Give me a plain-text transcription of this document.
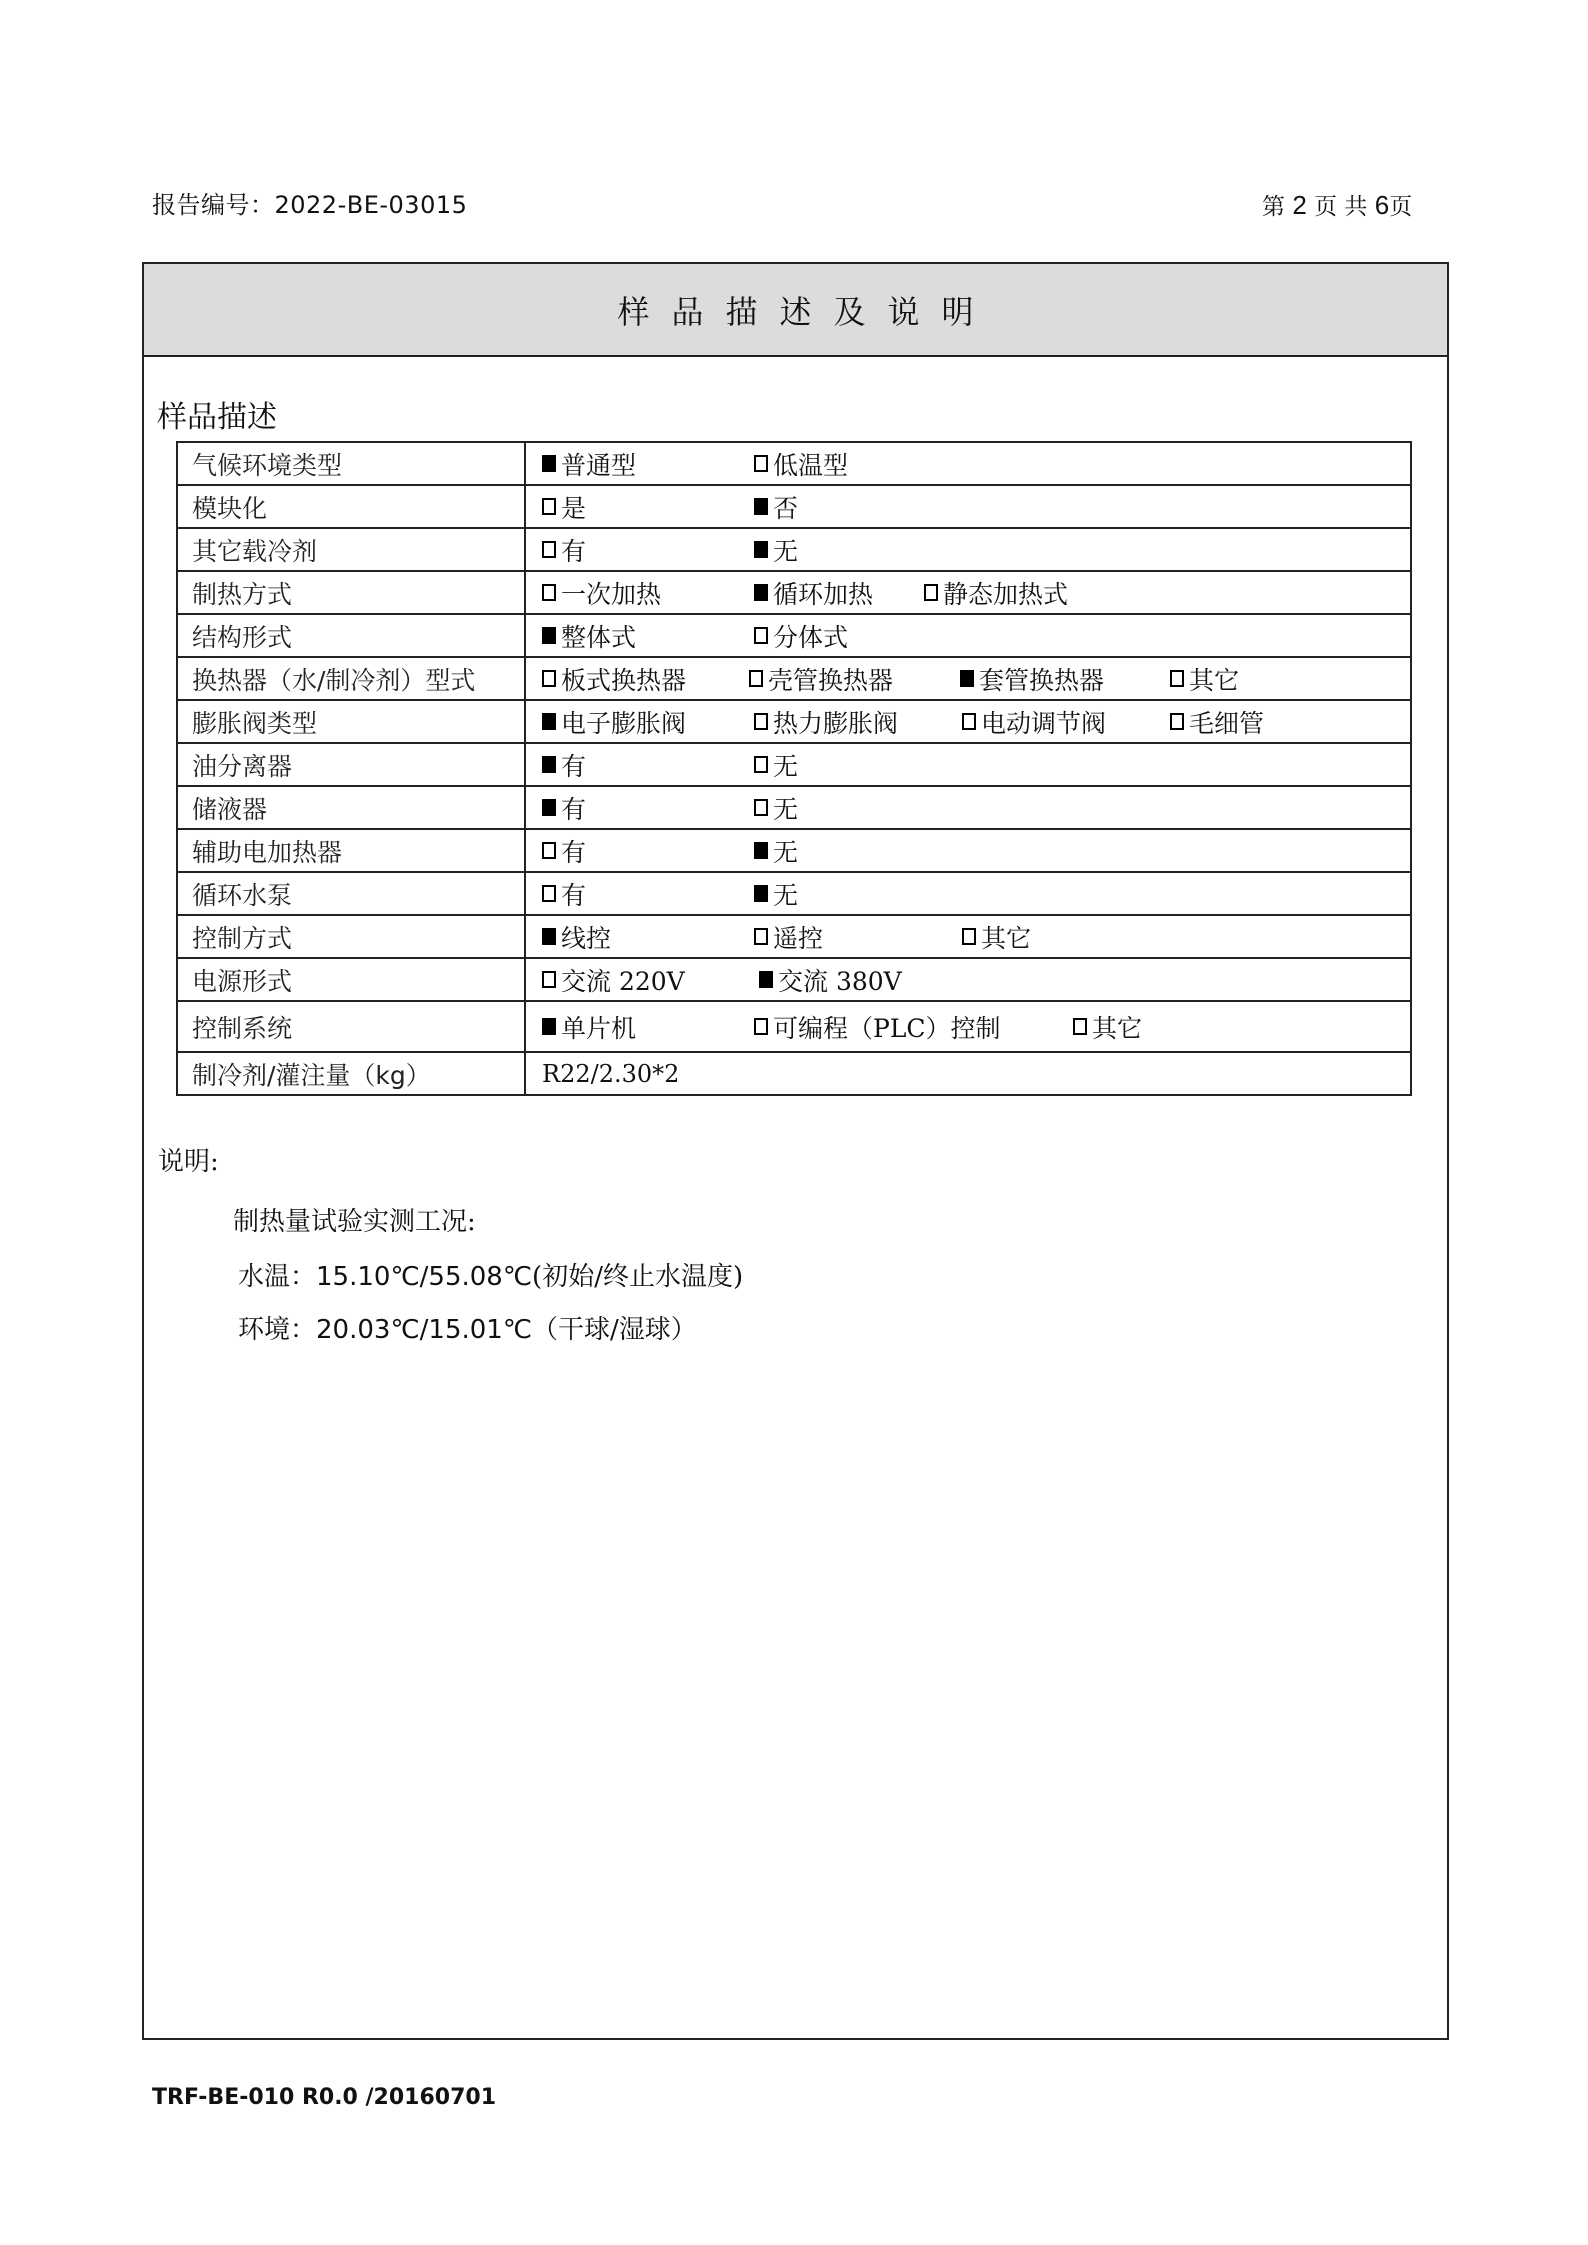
报告编号：2022-BE-03015	第 2 页 共 6页
样品描述及说明
样品描述
气候环境类型	普通型 低温型

模块化	是 否

其它载冷剂	有 无

制热方式	一次加热 循环加热 静态加热式

结构形式	整体式 分体式

换热器（水/制冷剂）型式	板式换热器 壳管换热器 套管换热器 其它

膨胀阀类型	电子膨胀阀 热力膨胀阀 电动调节阀 毛细管

油分离器	有 无

储液器	有 无

辅助电加热器	有 无

循环水泵	有 无

控制方式	线控 遥控 其它

电源形式	交流 220V 交流 380V

控制系统	单片机 可编程（PLC）控制 其它

制冷剂/灌注量（kg）	R22/2.30*2
说明:
制热量试验实测工况:
水温：15.10℃/55.08℃(初始/终止水温度)
环境：20.03℃/15.01℃（干球/湿球）
TRF-BE-010 R0.0 /20160701
